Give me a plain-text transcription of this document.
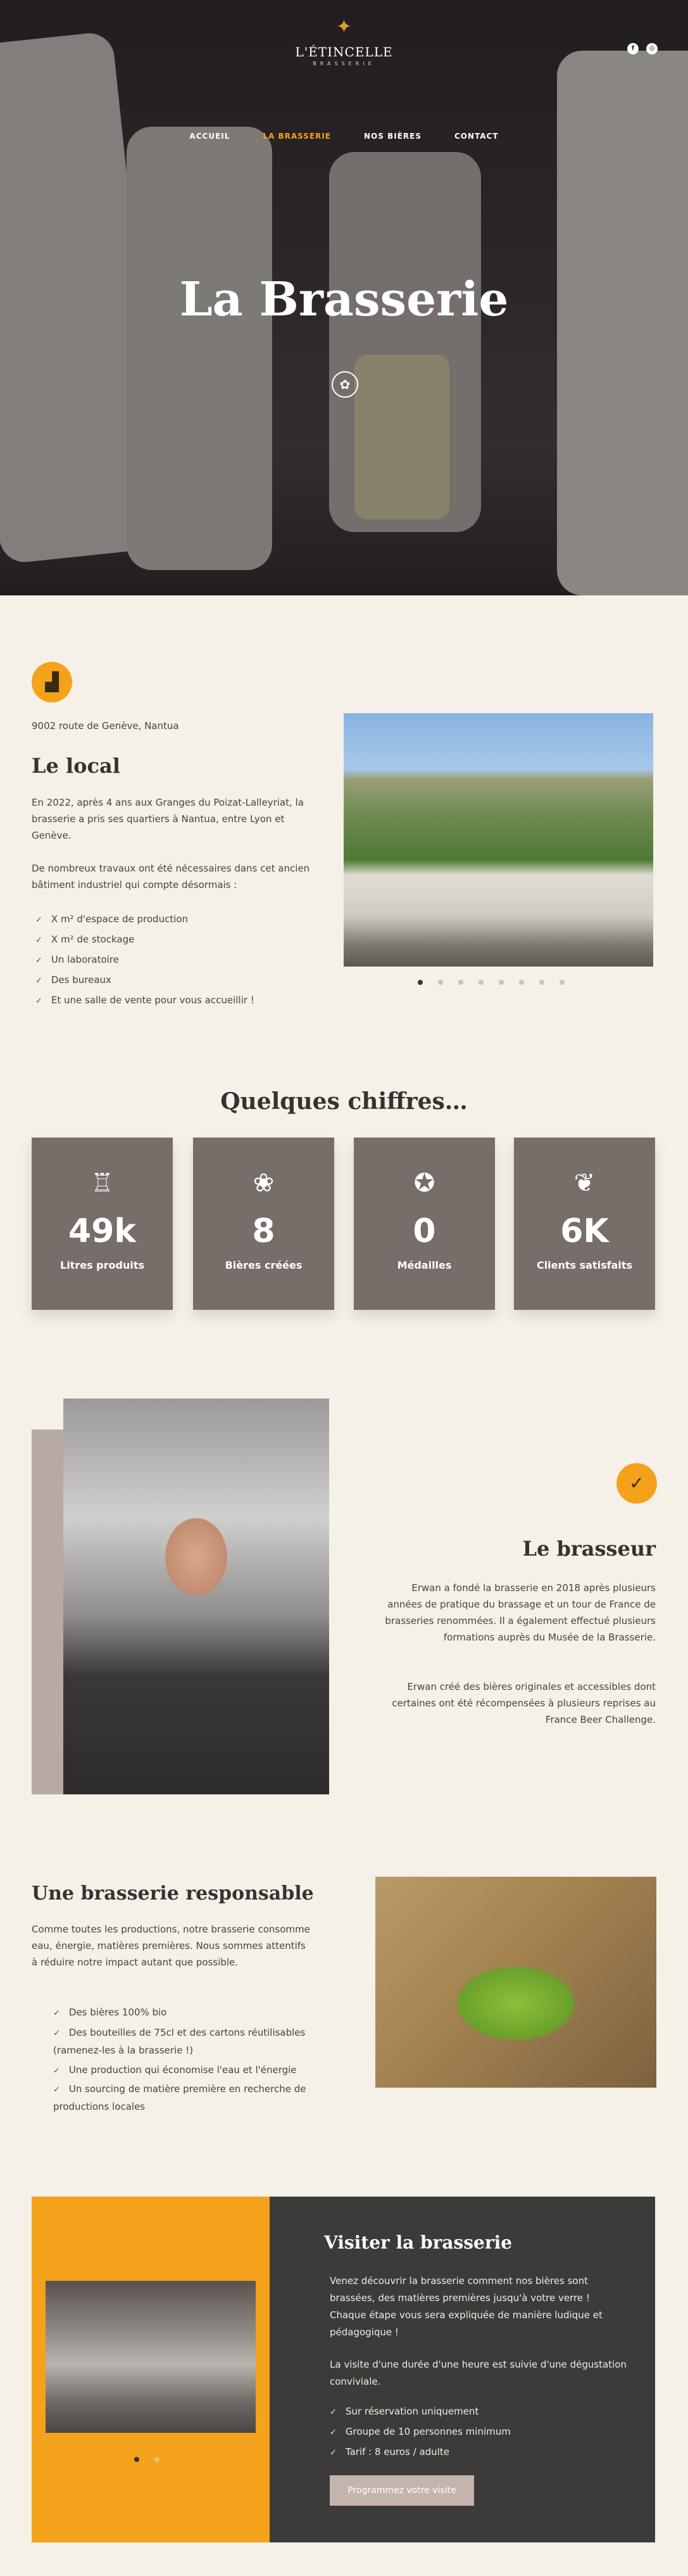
✦
L'ÉTINCELLE
BRASSERIE
f	◎
ACCUEIL	LA BRASSERIE	NOS BIÈRES	CONTACT
La Brasserie
✿
▟
9002 route de Genève, Nantua
Le local

En 2022, après 4 ans aux Granges du Poizat-Lalleyriat, la brasserie a pris ses quartiers à Nantua, entre Lyon et Genève.

De nombreux travaux ont été nécessaires dans cet ancien bâtiment industriel qui compte désormais :

✓ X m² d'espace de production
✓ X m² de stockage
✓ Un laboratoire
✓ Des bureaux
✓ Et une salle de vente pour vous accueillir !
Quelques chiffres…
♖
49k
Litres produits
❀
8
Bières créées
✪
0
Médailles
❦
6K
Clients satisfaits
✓
Le brasseur

Erwan a fondé la brasserie en 2018 après plusieurs années de pratique du brassage et un tour de France de brasseries renommées. Il a également effectué plusieurs formations auprès du Musée de la Brasserie.

Erwan créé des bières originales et accessibles dont certaines ont été récompensées à plusieurs reprises au France Beer Challenge.

Une brasserie responsable

Comme toutes les productions, notre brasserie consomme eau, énergie, matières premières. Nous sommes attentifs à réduire notre impact autant que possible.

✓ Des bières 100% bio
✓ Des bouteilles de 75cl et des cartons réutilisables (ramenez-les à la brasserie !)
✓ Une production qui économise l'eau et l'énergie
✓ Un sourcing de matière première en recherche de productions locales
Visiter la brasserie

Venez découvrir la brasserie comment nos bières sont brassées, des matières premières jusqu'à votre verre ! Chaque étape vous sera expliquée de manière ludique et pédagogique !

La visite d'une durée d'une heure est suivie d'une dégustation conviviale.

✓ Sur réservation uniquement
✓ Groupe de 10 personnes minimum
✓ Tarif : 8 euros / adulte
Programmez votre visite
